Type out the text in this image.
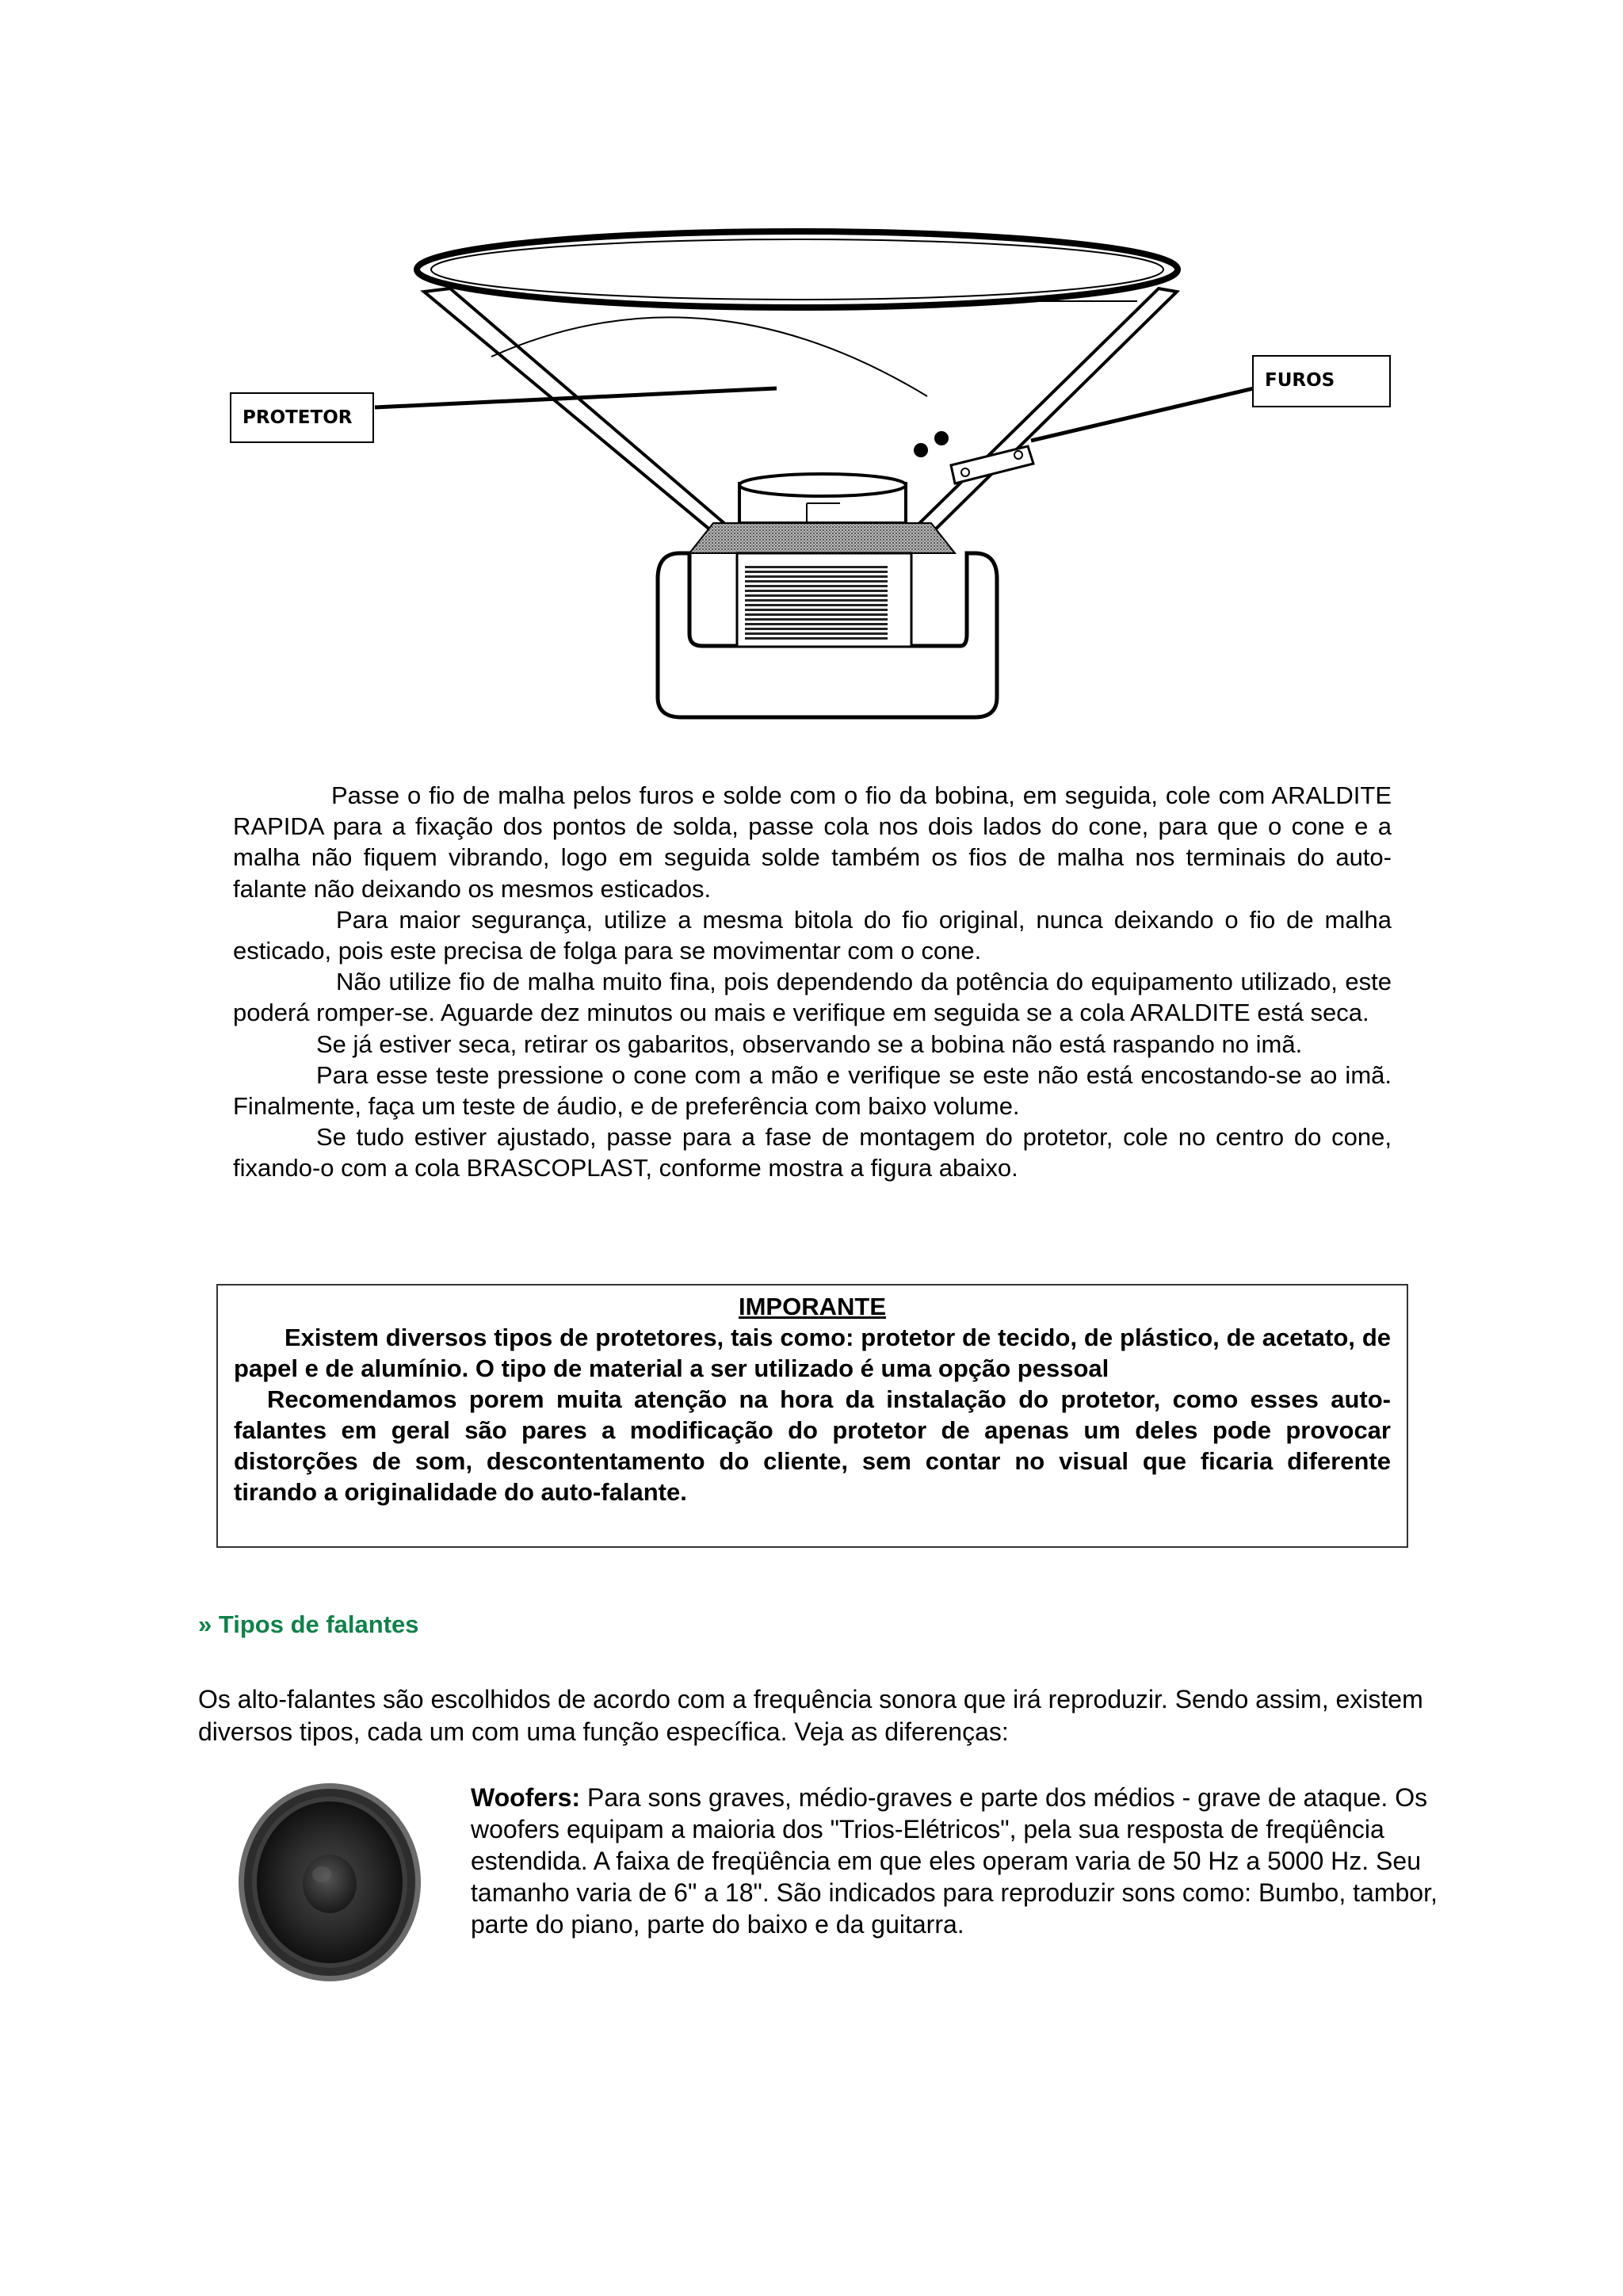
PROTETOR
FUROS

Passe o fio de malha pelos furos e solde com o fio da bobina, em seguida, cole com ARALDITE RAPIDA para a fixação dos pontos de solda, passe cola nos dois lados do cone, para que o cone e a malha não fiquem vibrando, logo em seguida solde também os fios de malha nos terminais do auto-falante não deixando os mesmos esticados.

Para maior segurança, utilize a mesma bitola do fio original, nunca deixando o fio de malha esticado, pois este precisa de folga para se movimentar com o cone.

Não utilize fio de malha muito fina, pois dependendo da potência do equipamento utilizado, este poderá romper-se. Aguarde dez minutos ou mais e verifique em seguida se a cola ARALDITE está seca.

Se já estiver seca, retirar os gabaritos, observando se a bobina não está raspando no imã.

Para esse teste pressione o cone com a mão e verifique se este não está encostando-se ao imã. Finalmente, faça um teste de áudio, e de preferência com baixo volume.

Se tudo estiver ajustado, passe para a fase de montagem do protetor, cole no centro do cone, fixando-o com a cola BRASCOPLAST, conforme mostra a figura abaixo.

IMPORANTE

Existem diversos tipos de protetores, tais como: protetor de tecido, de plástico, de acetato, de papel e de alumínio. O tipo de material a ser utilizado é uma opção pessoal

Recomendamos porem muita atenção na hora da instalação do protetor, como esses auto-falantes em geral são pares a modificação do protetor de apenas um deles pode provocar distorções de som, descontentamento do cliente, sem contar no visual que ficaria diferente tirando a originalidade do auto-falante.

» Tipos de falantes
Os alto-falantes são escolhidos de acordo com a frequência sonora que irá reproduzir. Sendo assim, existem diversos tipos, cada um com uma função específica. Veja as diferenças:
Woofers: Para sons graves, médio-graves e parte dos médios - grave de ataque. Os woofers equipam a maioria dos "Trios-Elétricos", pela sua resposta de freqüência estendida. A faixa de freqüência em que eles operam varia de 50 Hz a 5000 Hz. Seu tamanho varia de 6" a 18". São indicados para reproduzir sons como: Bumbo, tambor, parte do piano, parte do baixo e da guitarra.
